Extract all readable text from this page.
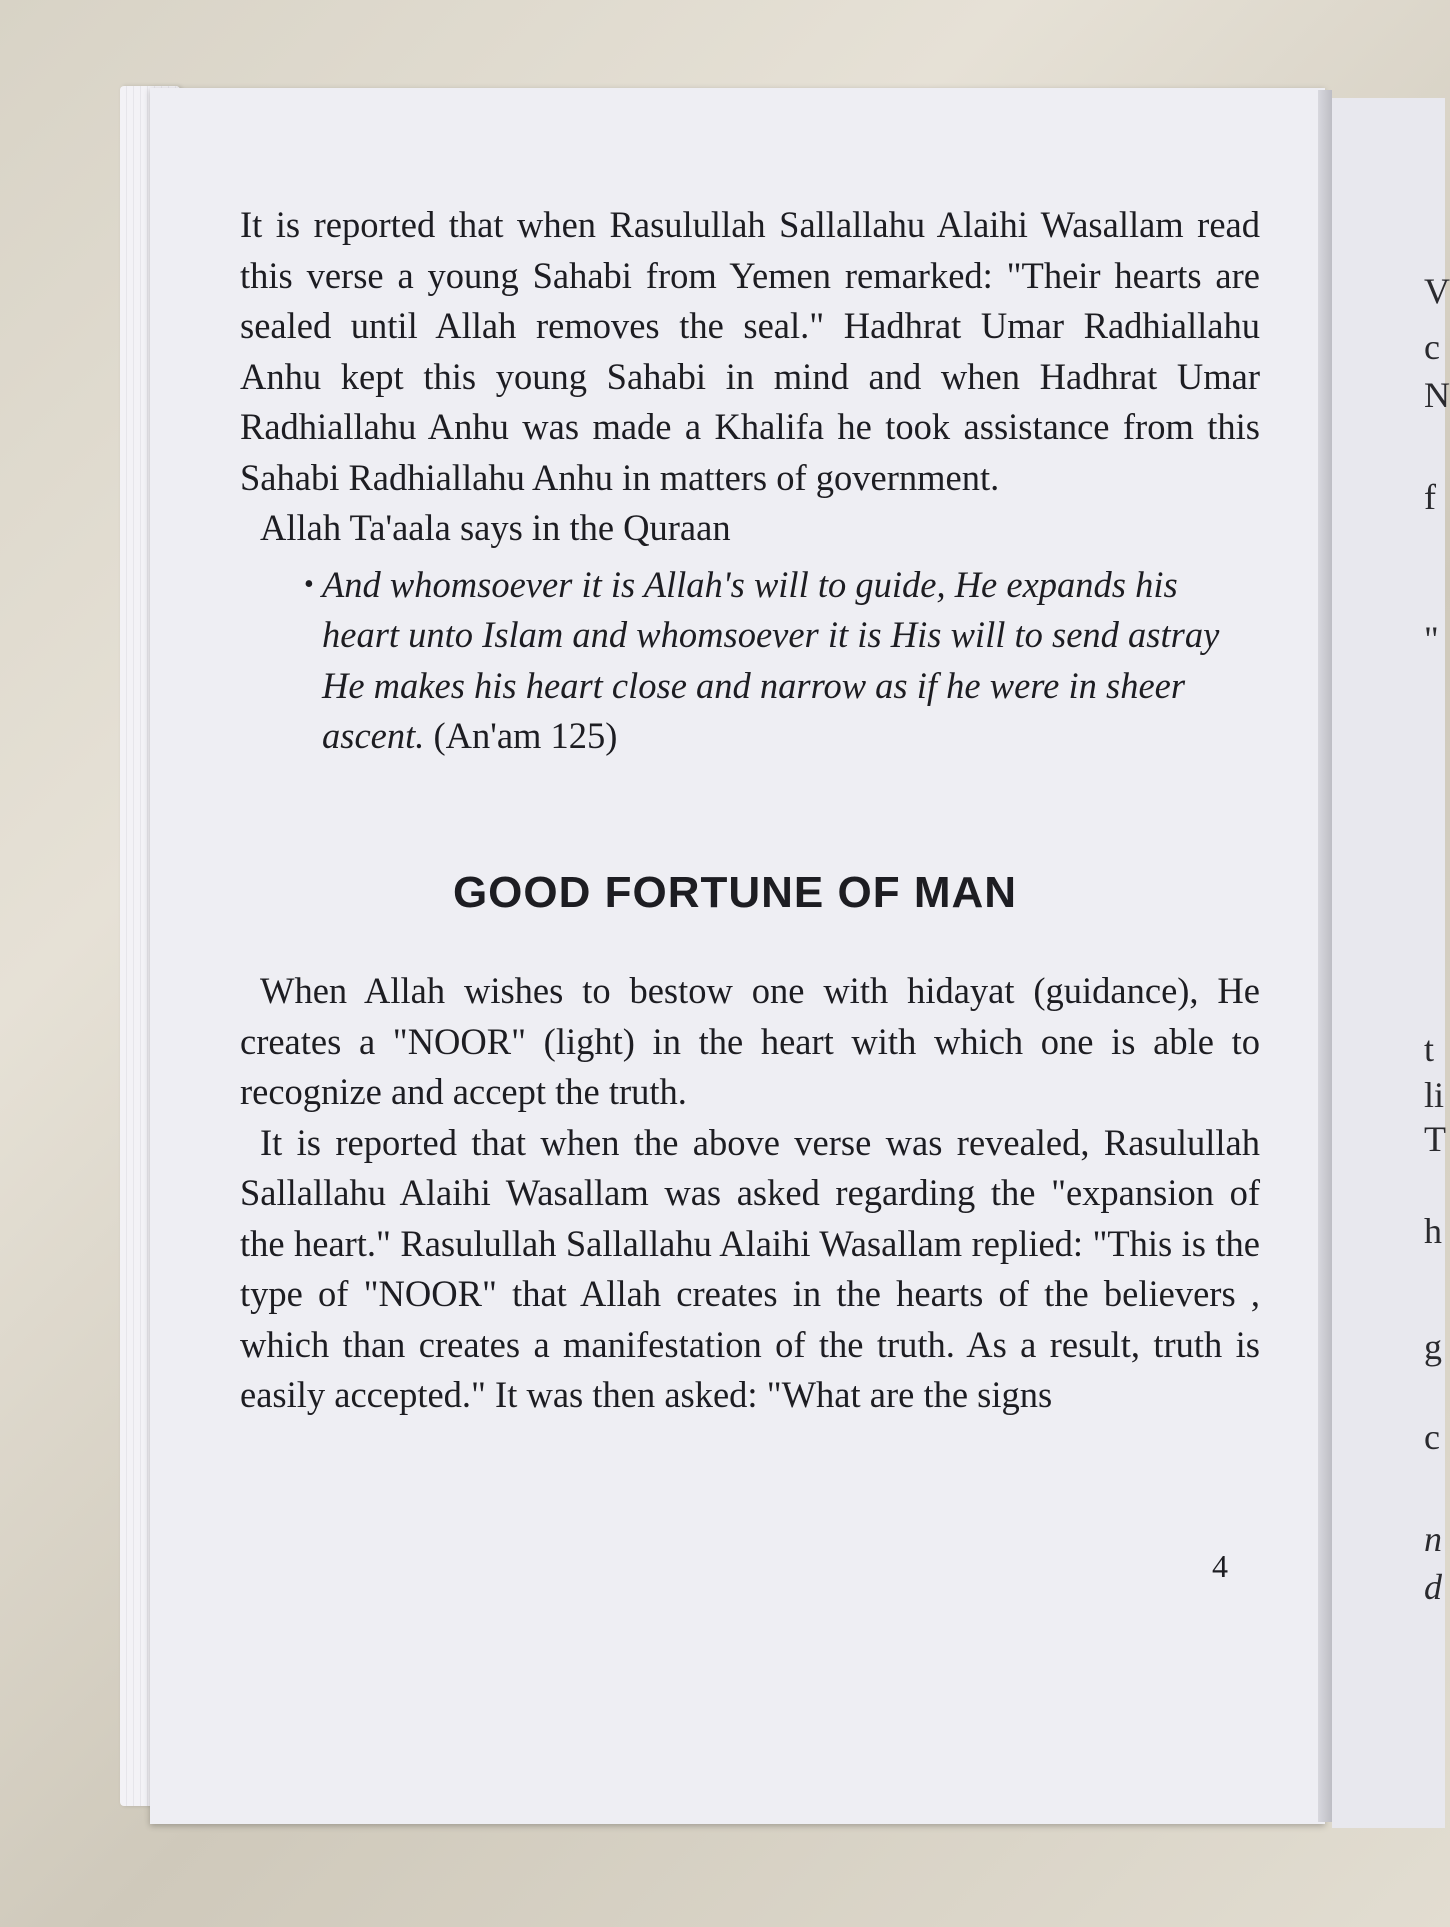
V
c
N
f
"
t
li
T
h
g
c
n
d

It is reported that when Rasulullah Sallallahu Alaihi Wasallam read this verse a young Sahabi from Yemen remarked: "Their hearts are sealed until Allah removes the seal." Hadhrat Umar Radhiallahu Anhu kept this young Sahabi in mind and when Hadhrat Umar Radhiallahu Anhu was made a Khalifa he took assistance from this Sahabi Radhiallahu Anhu in matters of government.

Allah Ta'aala says in the Quraan

• And whomsoever it is Allah's will to guide, He expands his heart unto Islam and whomsoever it is His will to send astray He makes his heart close and narrow as if he were in sheer ascent. (An'am 125)
GOOD FORTUNE OF MAN

When Allah wishes to bestow one with hidayat (guidance), He creates a "NOOR" (light) in the heart with which one is able to recognize and accept the truth.

It is reported that when the above verse was revealed, Rasulullah Sallallahu Alaihi Wasallam was asked regarding the "expansion of the heart." Rasulullah Sallallahu Alaihi Wasallam replied: "This is the type of "NOOR" that Allah creates in the hearts of the believers , which than creates a manifestation of the truth. As a result, truth is easily accepted." It was then asked: "What are the signs

4
